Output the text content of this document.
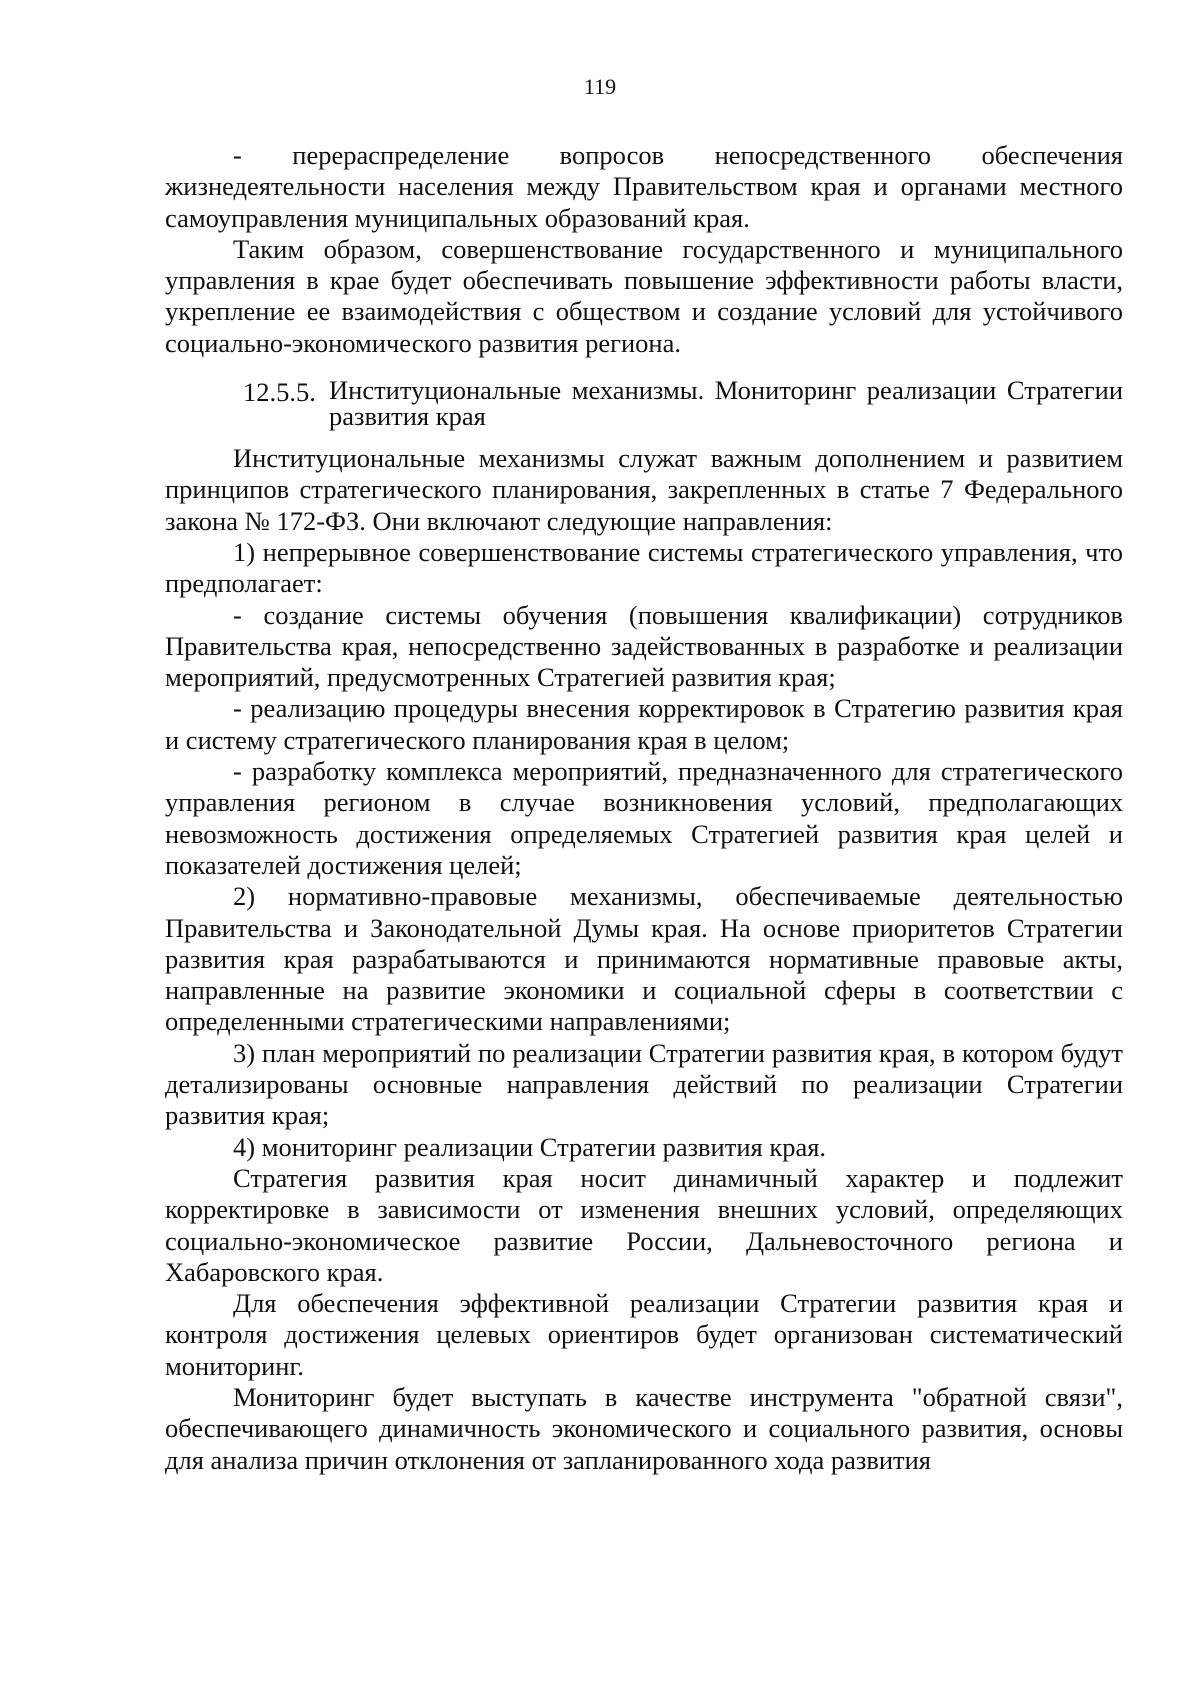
119

- перераспределение вопросов непосредственного обеспечения жизнедеятельности населения между Правительством края и органами местного самоуправления муниципальных образований края.

Таким образом, совершенствование государственного и муниципального управления в крае будет обеспечивать повышение эффективности работы власти, укрепление ее взаимодействия с обществом и создание условий для устойчивого социально-экономического развития региона.

12.5.5. Институциональные механизмы. Мониторинг реализации Стратегии развития края

Институциональные механизмы служат важным дополнением и развитием принципов стратегического планирования, закрепленных в статье 7 Федерального закона № 172-ФЗ. Они включают следующие направления:

1) непрерывное совершенствование системы стратегического управления, что предполагает:

- создание системы обучения (повышения квалификации) сотрудников Правительства края, непосредственно задействованных в разработке и реализации мероприятий, предусмотренных Стратегией развития края;

- реализацию процедуры внесения корректировок в Стратегию развития края и систему стратегического планирования края в целом;

- разработку комплекса мероприятий, предназначенного для стратегического управления регионом в случае возникновения условий, предполагающих невозможность достижения определяемых Стратегией развития края целей и показателей достижения целей;

2) нормативно-правовые механизмы, обеспечиваемые деятельностью Правительства и Законодательной Думы края. На основе приоритетов Стратегии развития края разрабатываются и принимаются нормативные правовые акты, направленные на развитие экономики и социальной сферы в соответствии с определенными стратегическими направлениями;

3) план мероприятий по реализации Стратегии развития края, в котором будут детализированы основные направления действий по реализации Стратегии развития края;

4) мониторинг реализации Стратегии развития края.

Стратегия развития края носит динамичный характер и подлежит корректировке в зависимости от изменения внешних условий, определяющих социально-экономическое развитие России, Дальневосточного региона и Хабаровского края.

Для обеспечения эффективной реализации Стратегии развития края и контроля достижения целевых ориентиров будет организован систематический мониторинг.

Мониторинг будет выступать в качестве инструмента "обратной связи", обеспечивающего динамичность экономического и социального развития, основы для анализа причин отклонения от запланированного хода развития
